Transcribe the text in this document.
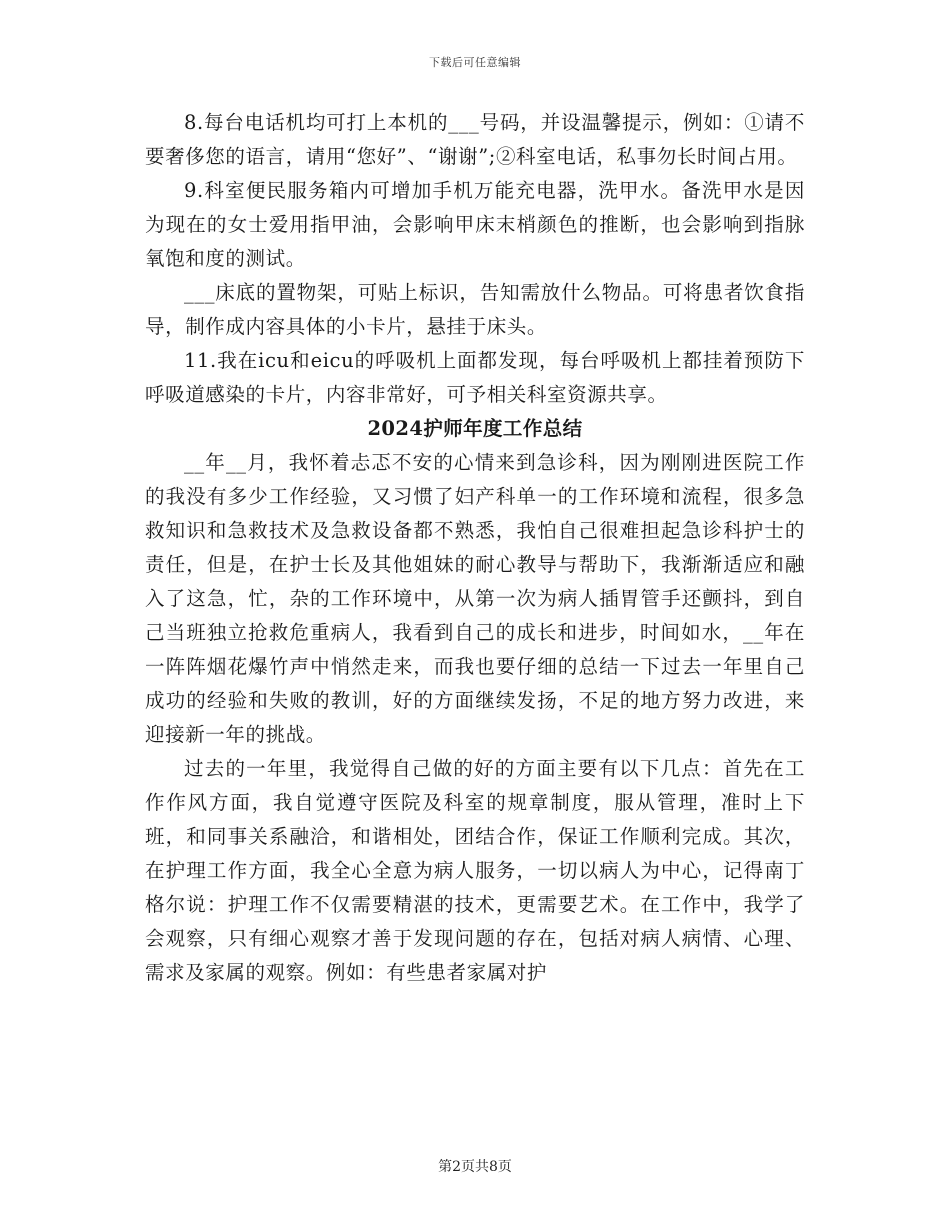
下载后可任意编辑

8.每台电话机均可打上本机的___号码，并设温馨提示，例如：①请不要奢侈您的语言，请用“您好”、“谢谢”;②科室电话，私事勿长时间占用。

9.科室便民服务箱内可增加手机万能充电器，洗甲水。备洗甲水是因为现在的女士爱用指甲油，会影响甲床末梢颜色的推断，也会影响到指脉氧饱和度的测试。

___床底的置物架，可贴上标识，告知需放什么物品。可将患者饮食指导，制作成内容具体的小卡片，悬挂于床头。

11.我在icu和eicu的呼吸机上面都发现，每台呼吸机上都挂着预防下呼吸道感染的卡片，内容非常好，可予相关科室资源共享。

2024护师年度工作总结

__年__月，我怀着忐忑不安的心情来到急诊科，因为刚刚进医院工作的我没有多少工作经验，又习惯了妇产科单一的工作环境和流程，很多急救知识和急救技术及急救设备都不熟悉，我怕自己很难担起急诊科护士的责任，但是，在护士长及其他姐妹的耐心教导与帮助下，我渐渐适应和融入了这急，忙，杂的工作环境中，从第一次为病人插胃管手还颤抖，到自己当班独立抢救危重病人，我看到自己的成长和进步，时间如水，__年在一阵阵烟花爆竹声中悄然走来，而我也要仔细的总结一下过去一年里自己成功的经验和失败的教训，好的方面继续发扬，不足的地方努力改进，来迎接新一年的挑战。

过去的一年里，我觉得自己做的好的方面主要有以下几点：首先在工作作风方面，我自觉遵守医院及科室的规章制度，服从管理，准时上下班，和同事关系融洽，和谐相处，团结合作，保证工作顺利完成。其次，在护理工作方面，我全心全意为病人服务，一切以病人为中心，记得南丁格尔说：护理工作不仅需要精湛的技术，更需要艺术。在工作中，我学了会观察，只有细心观察才善于发现问题的存在，包括对病人病情、心理、需求及家属的观察。例如：有些患者家属对护

第2页共8页
